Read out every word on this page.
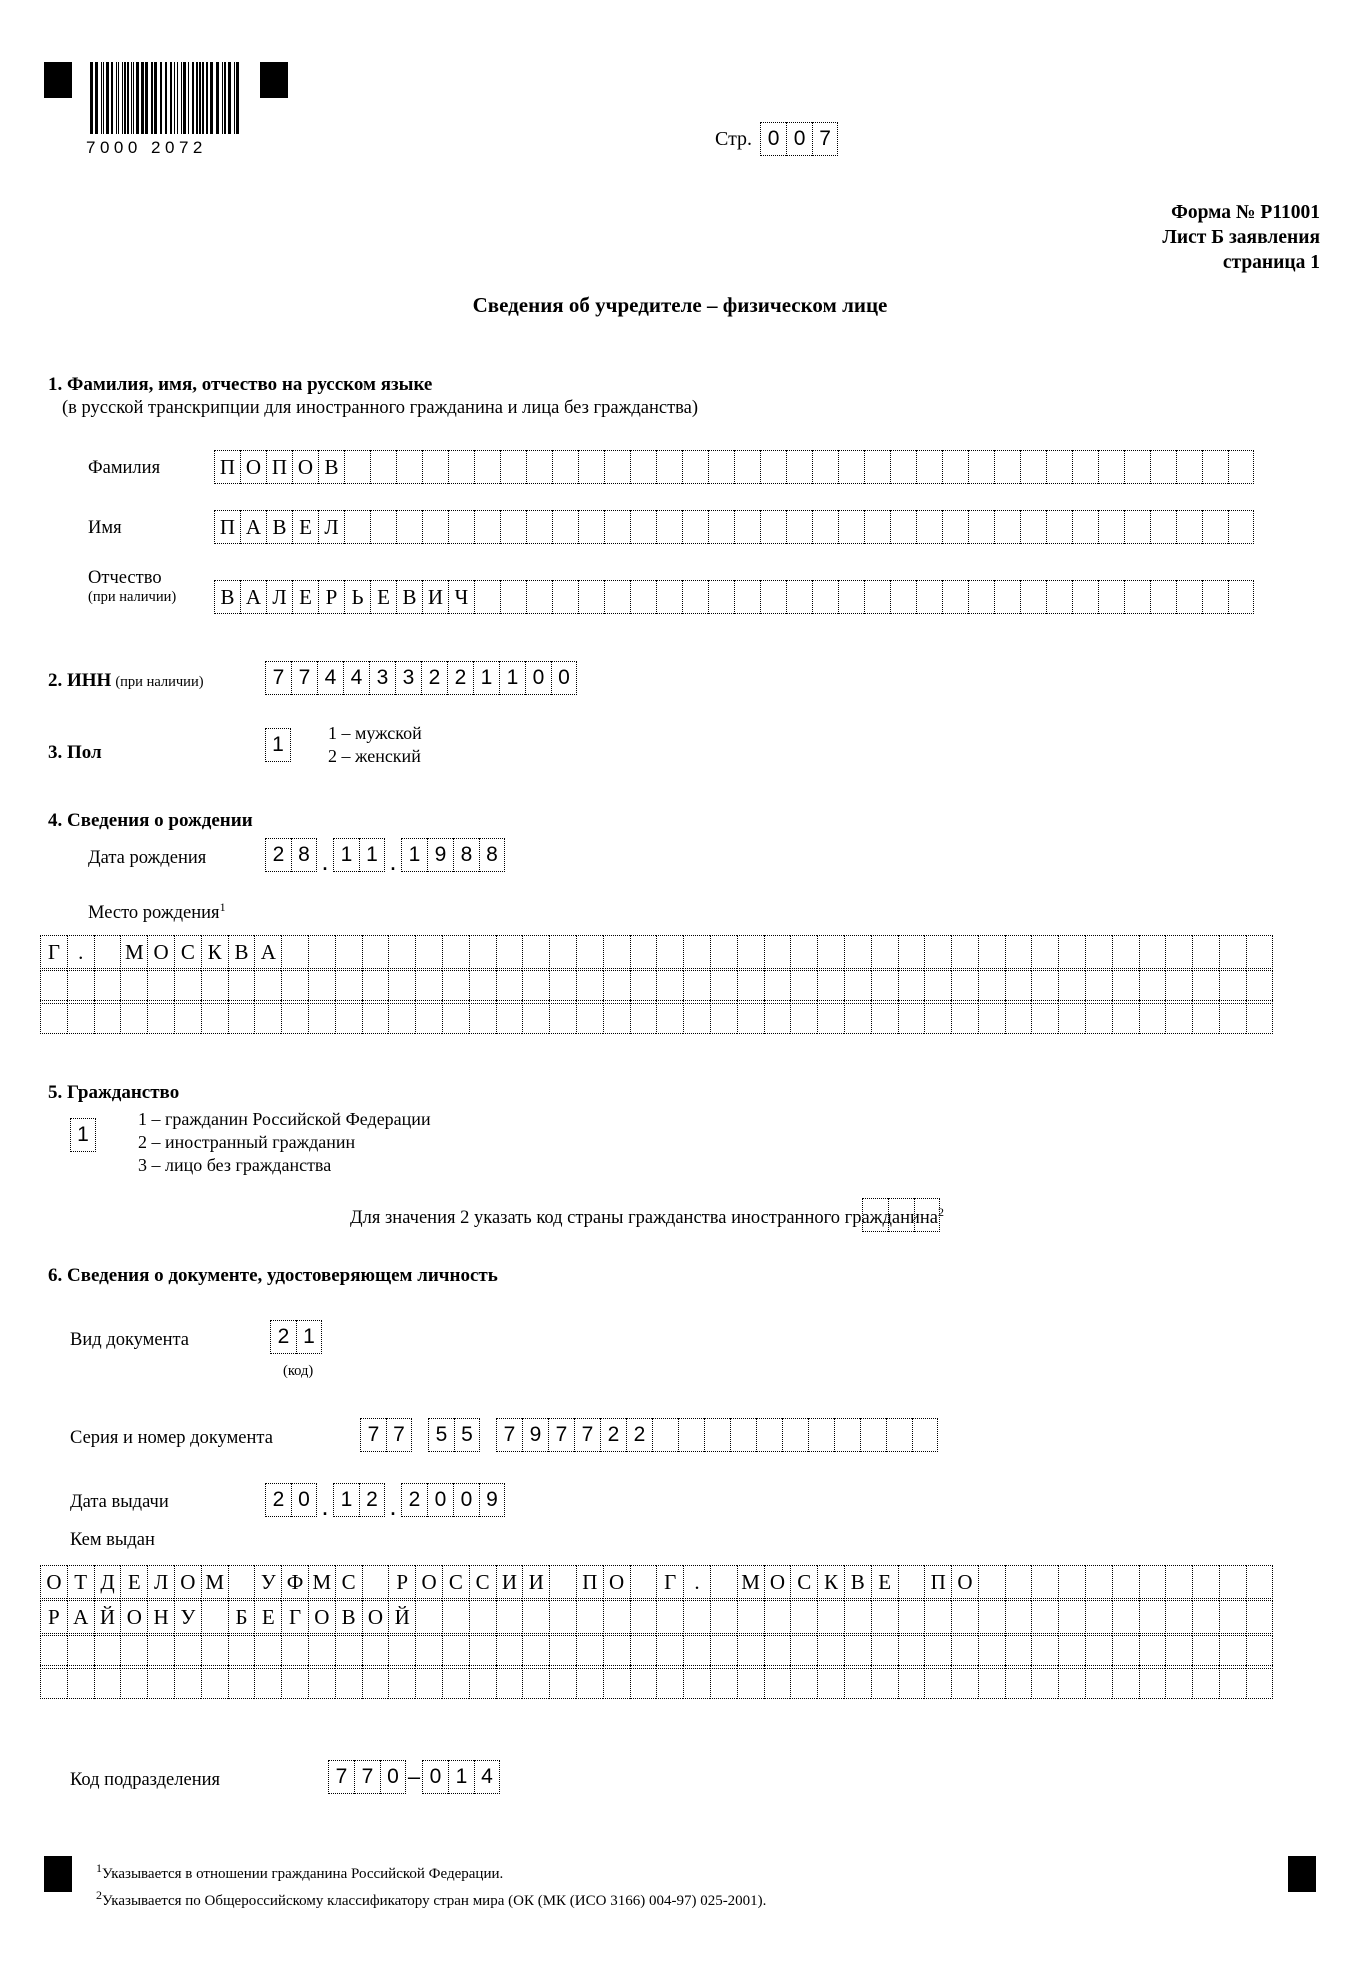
7000 2072	Стр. 0 0 7
Форма № Р11001
Лист Б заявления
страница 1
Сведения об учредителе – физическом лице
1. Фамилия, имя, отчество на русском языке
(в русской транскрипции для иностранного гражданина и лица без гражданства)
Фамилия	П О П О В
Имя	П А В Е Л
Отчество
(при наличии)	В А Л Е Р Ь Е В И Ч
2. ИНН (при наличии)	7 7 4 4 3 3 2 2 1 1 0 0
3. Пол	1	1 – мужской
2 – женский
4. Сведения о рождении
Дата рождения	2 8 . 1 1 . 1 9 8 8
Место рождения$^1$
Г .	М О С К В А
5. Гражданство
1
1 – гражданин Российской Федерации
2 – иностранный гражданин
3 – лицо без гражданства
Для значения 2 указать код страны гражданства иностранного гражданина$^2$
6. Сведения о документе, удостоверяющем личность
Вид документа	2 1
(код)
Серия и номер документа	7 7	5 5	7 9 7 7 2 2
Дата выдачи	2 0 . 1 2 . 2 0 0 9
Кем выдан
О Т Д Е Л О М	У Ф М С	Р О С С И И	П О	Г .	М О С К В Е	П О
Р А Й О Н У	Б Е Г О В О Й
Код подразделения	7 7 0 – 0 1 4
$^1$Указывается в отношении гражданина Российской Федерации.
$^2$Указывается по Общероссийскому классификатору стран мира (ОК (МК (ИСО 3166) 004-97) 025-2001).
